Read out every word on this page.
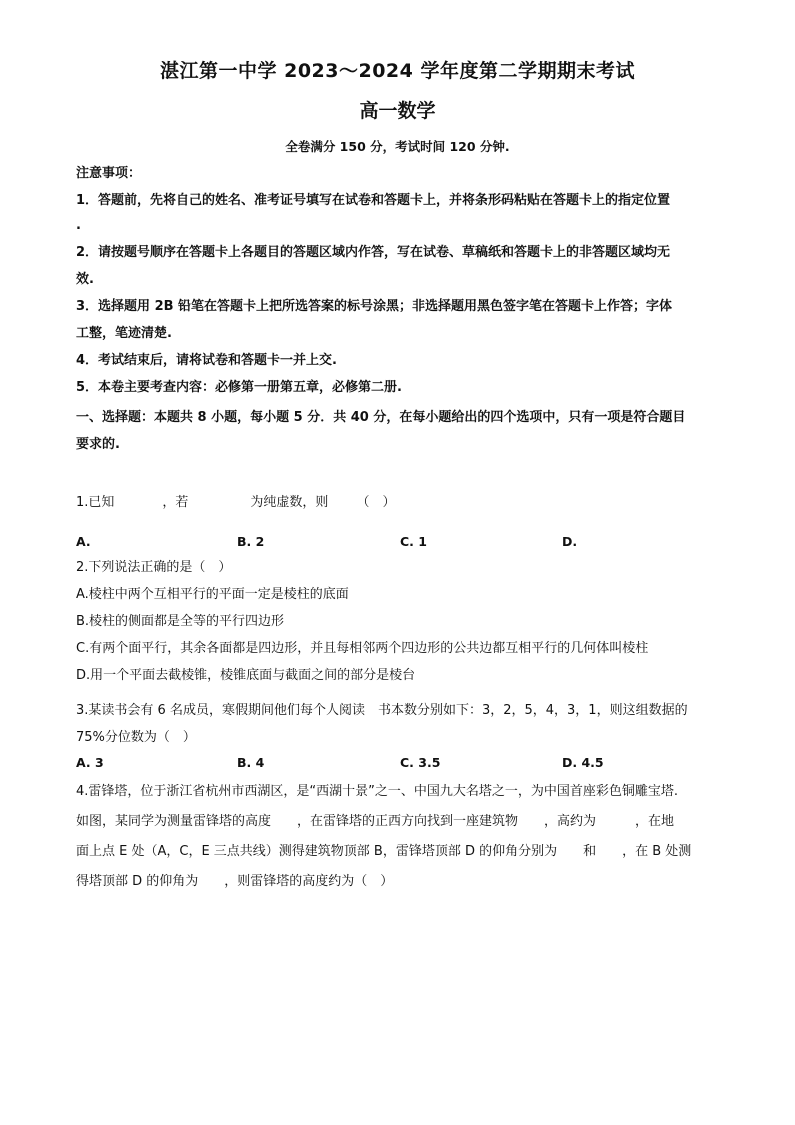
湛江第一中学 2023～2024 学年度第二学期期末考试
高一数学
全卷满分 150 分，考试时间 120 分钟.
注意事项：
1．答题前，先将自己的姓名、准考证号填写在试卷和答题卡上，并将条形码粘贴在答题卡上的指定位置
.
2．请按题号顺序在答题卡上各题目的答题区域内作答，写在试卷、草稿纸和答题卡上的非答题区域均无
效.
3．选择题用 2B 铅笔在答题卡上把所选答案的标号涂黑；非选择题用黑色签字笔在答题卡上作答；字体
工整，笔迹清楚.
4．考试结束后，请将试卷和答题卡一并上交.
5．本卷主要考查内容：必修第一册第五章，必修第二册.
一、选择题：本题共 8 小题，每小题 5 分．共 40 分，在每小题给出的四个选项中，只有一项是符合题目
要求的.
1.已知	，若	为纯虚数，则 （　）
A.	B. 2	C. 1	D.
2.下列说法正确的是（　）
A.棱柱中两个互相平行的平面一定是棱柱的底面
B.棱柱的侧面都是全等的平行四边形
C.有两个面平行，其余各面都是四边形，并且每相邻两个四边形的公共边都互相平行的几何体叫棱柱
D.用一个平面去截棱锥，棱锥底面与截面之间的部分是棱台
3.某读书会有 6 名成员，寒假期间他们每个人阅读　书本数分别如下：3，2，5，4，3，1，则这组数据的
75%分位数为（　）
A. 3	B. 4	C. 3.5	D. 4.5
4.雷锋塔，位于浙江省杭州市西湖区，是“西湖十景”之一、中国九大名塔之一，为中国首座彩色铜雕宝塔.
如图，某同学为测量雷锋塔的高度　　，在雷锋塔的正西方向找到一座建筑物　　，高约为　　　，在地
面上点 E 处（A，C，E 三点共线）测得建筑物顶部 B，雷锋塔顶部 D 的仰角分别为　　和　　，在 B 处测
得塔顶部 D 的仰角为　　，则雷锋塔的高度约为（　）
